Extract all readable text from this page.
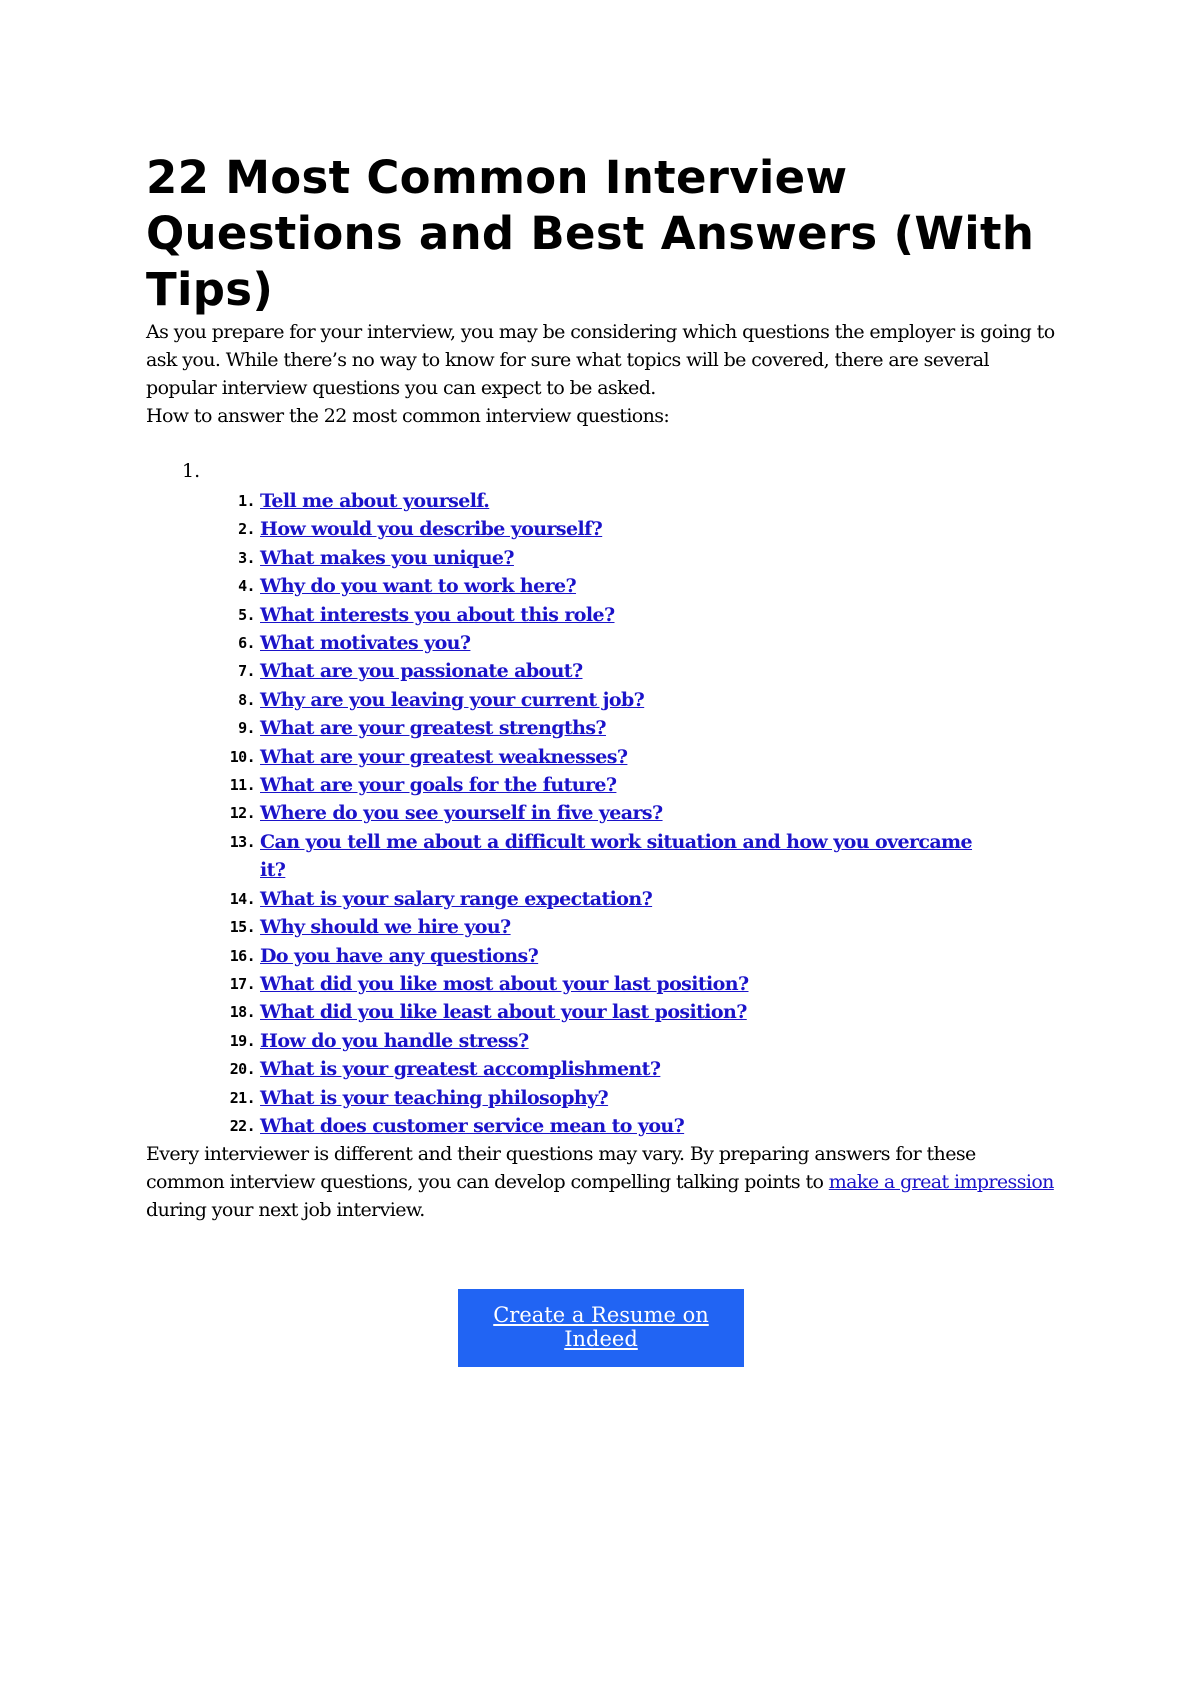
22 Most Common Interview Questions and Best Answers (With Tips)

As you prepare for your interview, you may be considering which questions the employer is going to ask you. While there’s no way to know for sure what topics will be covered, there are several popular interview questions you can expect to be asked.

How to answer the 22 most common interview questions:

1.
1. Tell me about yourself.
2. How would you describe yourself?
3. What makes you unique?
4. Why do you want to work here?
5. What interests you about this role?
6. What motivates you?
7. What are you passionate about?
8. Why are you leaving your current job?
9. What are your greatest strengths?
10. What are your greatest weaknesses?
11. What are your goals for the future?
12. Where do you see yourself in five years?
13. Can you tell me about a difficult work situation and how you overcame it?
14. What is your salary range expectation?
15. Why should we hire you?
16. Do you have any questions?
17. What did you like most about your last position?
18. What did you like least about your last position?
19. How do you handle stress?
20. What is your greatest accomplishment?
21. What is your teaching philosophy?
22. What does customer service mean to you?

Every interviewer is different and their questions may vary. By preparing answers for these common interview questions, you can develop compelling talking points to make a great impression during your next job interview.

Create a Resume on Indeed
